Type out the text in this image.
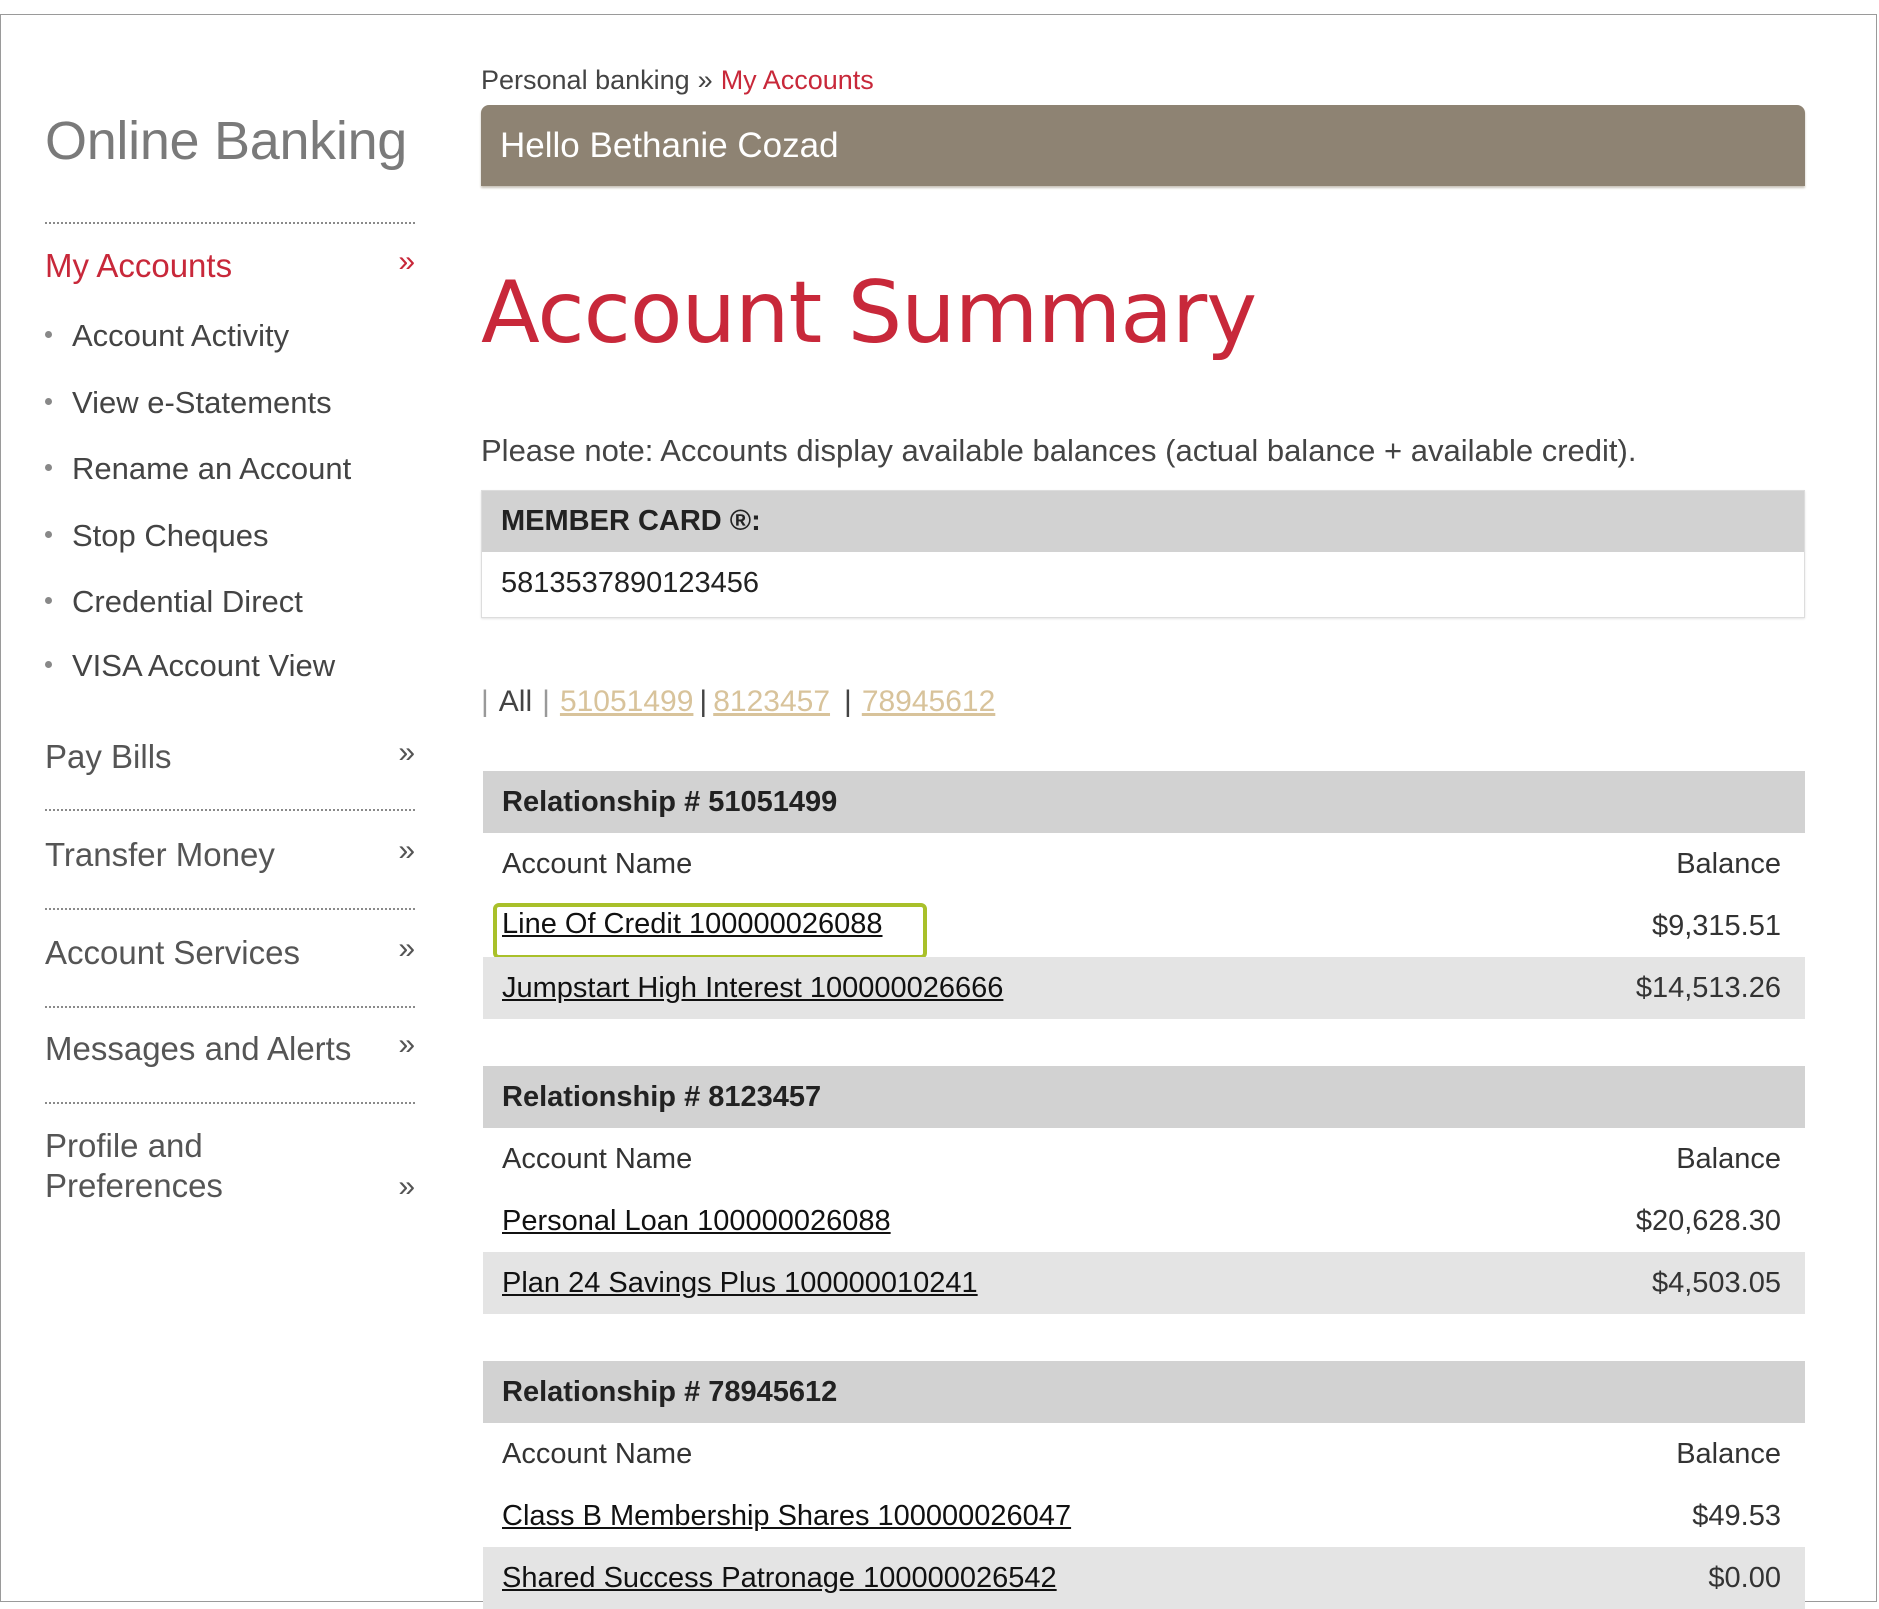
Online Banking
My Accounts	»
Account Activity
View e-Statements
Rename an Account
Stop Cheques
Credential Direct
VISA Account View
Pay Bills	»
Transfer Money	»
Account Services	»
Messages and Alerts »
Profile and
Preferences	»
Personal banking » My Accounts
Hello Bethanie Cozad
Account Summary
Please note: Accounts display available balances (actual balance + available credit).
MEMBER CARD ®:
5813537890123456
| All | 51051499 | 8123457 | 78945612
Relationship # 51051499
Account Name	Balance
Line Of Credit 100000026088	$9,315.51
Jumpstart High Interest 100000026666	$14,513.26
Relationship # 8123457
Account Name	Balance
Personal Loan 100000026088	$20,628.30
Plan 24 Savings Plus 100000010241	$4,503.05
Relationship # 78945612
Account Name	Balance
Class B Membership Shares 100000026047	$49.53
Shared Success Patronage 100000026542	$0.00
